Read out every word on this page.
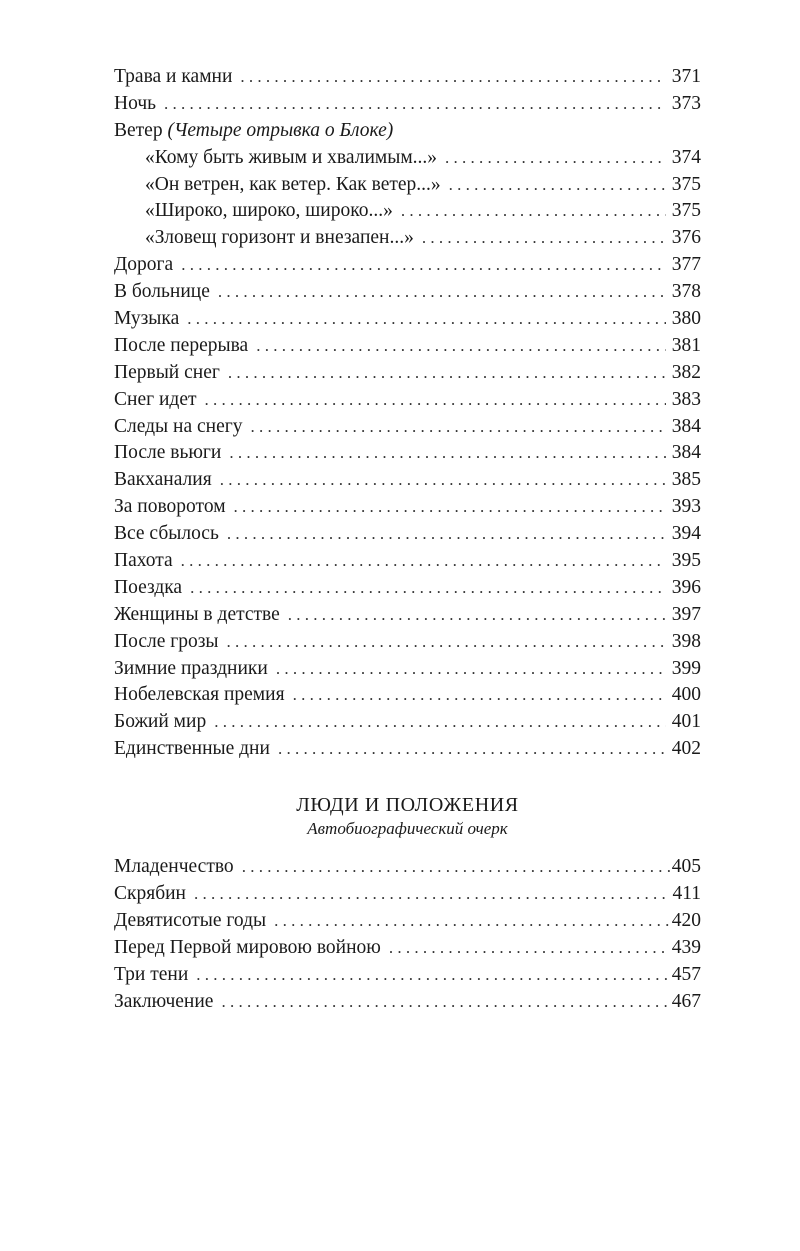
Трава и камни . . .	371
Ночь . . .	373
Ветер (Четыре отрывка о Блоке)
«Кому быть живым и хвалимым...» . . .	374
«Он ветрен, как ветер. Как ветер...» . . .	375
«Широко, широко, широко...» . . .	375
«Зловещ горизонт и внезапен...» . . .	376
Дорога . . .	377
В больнице . . .	378
Музыка . . .	380
После перерыва . . .	381
Первый снег . . .	382
Снег идет . . .	383
Следы на снегу . . .	384
После вьюги . . .	384
Вакханалия . . .	385
За поворотом . . .	393
Все сбылось . . .	394
Пахота . . .	395
Поездка . . .	396
Женщины в детстве . . .	397
После грозы . . .	398
Зимние праздники . . .	399
Нобелевская премия . . .	400
Божий мир . . .	401
Единственные дни . . .	402
ЛЮДИ И ПОЛОЖЕНИЯ
Автобиографический очерк
Младенчество . . .	405
Скрябин . . .	411
Девятисотые годы . . .	420
Перед Первой мировою войною . . .	439
Три тени . . .	457
Заключение . . .	467
